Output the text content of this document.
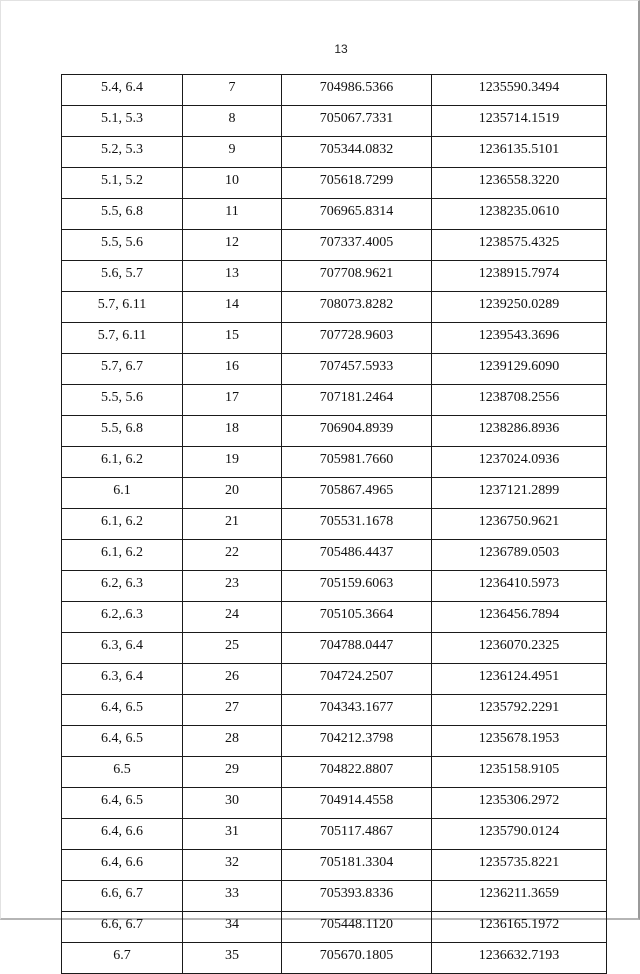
13
5.4, 6.4	7	704986.5366	1235590.3494
5.1, 5.3	8	705067.7331	1235714.1519
5.2, 5.3	9	705344.0832	1236135.5101
5.1, 5.2	10	705618.7299	1236558.3220
5.5, 6.8	11	706965.8314	1238235.0610
5.5, 5.6	12	707337.4005	1238575.4325
5.6, 5.7	13	707708.9621	1238915.7974
5.7, 6.11	14	708073.8282	1239250.0289
5.7, 6.11	15	707728.9603	1239543.3696
5.7, 6.7	16	707457.5933	1239129.6090
5.5, 5.6	17	707181.2464	1238708.2556
5.5, 6.8	18	706904.8939	1238286.8936
6.1, 6.2	19	705981.7660	1237024.0936
6.1	20	705867.4965	1237121.2899
6.1, 6.2	21	705531.1678	1236750.9621
6.1, 6.2	22	705486.4437	1236789.0503
6.2, 6.3	23	705159.6063	1236410.5973
6.2,.6.3	24	705105.3664	1236456.7894
6.3, 6.4	25	704788.0447	1236070.2325
6.3, 6.4	26	704724.2507	1236124.4951
6.4, 6.5	27	704343.1677	1235792.2291
6.4, 6.5	28	704212.3798	1235678.1953
6.5	29	704822.8807	1235158.9105
6.4, 6.5	30	704914.4558	1235306.2972
6.4, 6.6	31	705117.4867	1235790.0124
6.4, 6.6	32	705181.3304	1235735.8221
6.6, 6.7	33	705393.8336	1236211.3659
6.6, 6.7	34	705448.1120	1236165.1972
6.7	35	705670.1805	1236632.7193
